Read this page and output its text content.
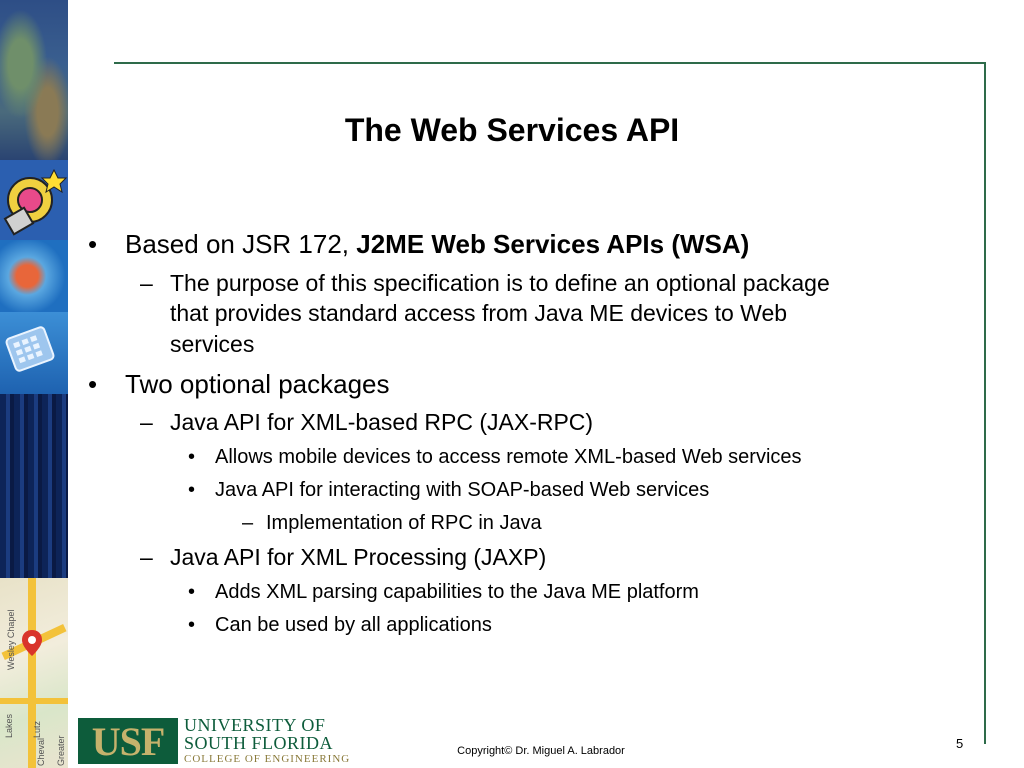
Wesley Chapel
Lakes Lutz
Cheval Greater
The Web Services API
• Based on JSR 172, J2ME Web Services APIs (WSA)
– The purpose of this specification is to define an optional package
that provides standard access from Java ME devices to Web
services
• Two optional packages
– Java API for XML-based RPC (JAX-RPC)
• Allows mobile devices to access remote XML-based Web services
• Java API for interacting with SOAP-based Web services
– Implementation of RPC in Java
– Java API for XML Processing (JAXP)
• Adds XML parsing capabilities to the Java ME platform
• Can be used by all applications
USF UNIVERSITY OF
SOUTH FLORIDA
COLLEGE OF ENGINEERING
Copyright© Dr. Miguel A. Labrador	5
